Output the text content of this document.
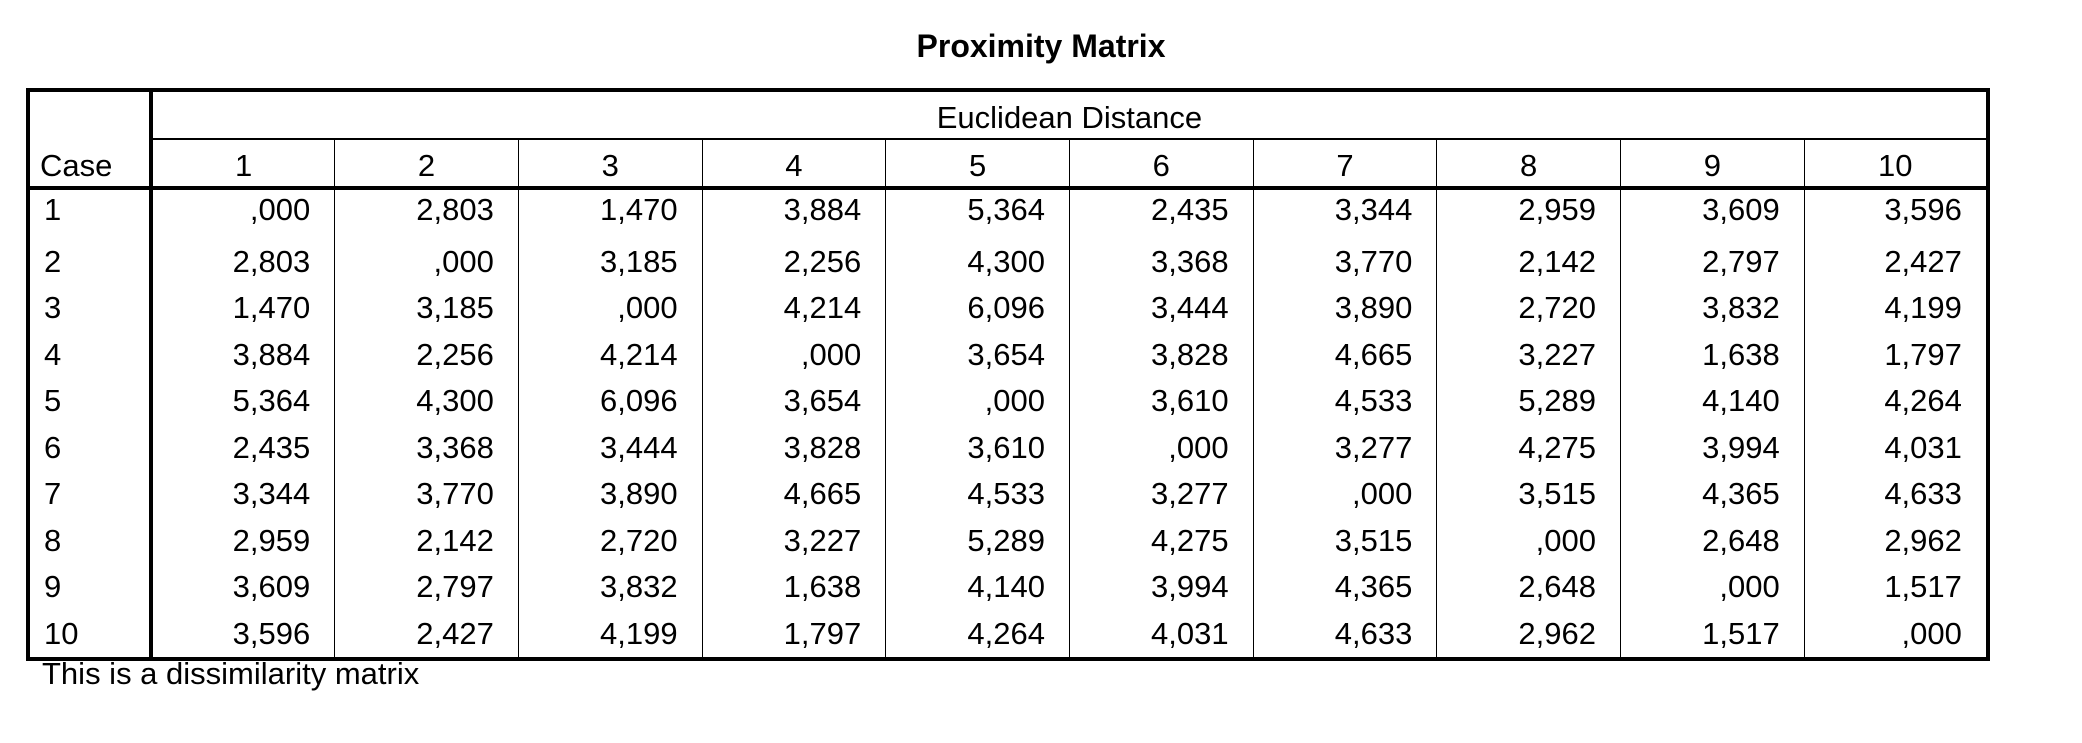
Proximity Matrix
	Euclidean Distance									
Case	1	2	3	4	5	6	7	8	9	10
1	,000	2,803	1,470	3,884	5,364	2,435	3,344	2,959	3,609	3,596
2	2,803	,000	3,185	2,256	4,300	3,368	3,770	2,142	2,797	2,427
3	1,470	3,185	,000	4,214	6,096	3,444	3,890	2,720	3,832	4,199
4	3,884	2,256	4,214	,000	3,654	3,828	4,665	3,227	1,638	1,797
5	5,364	4,300	6,096	3,654	,000	3,610	4,533	5,289	4,140	4,264
6	2,435	3,368	3,444	3,828	3,610	,000	3,277	4,275	3,994	4,031
7	3,344	3,770	3,890	4,665	4,533	3,277	,000	3,515	4,365	4,633
8	2,959	2,142	2,720	3,227	5,289	4,275	3,515	,000	2,648	2,962
9	3,609	2,797	3,832	1,638	4,140	3,994	4,365	2,648	,000	1,517
10	3,596	2,427	4,199	1,797	4,264	4,031	4,633	2,962	1,517	,000
This is a dissimilarity matrix
